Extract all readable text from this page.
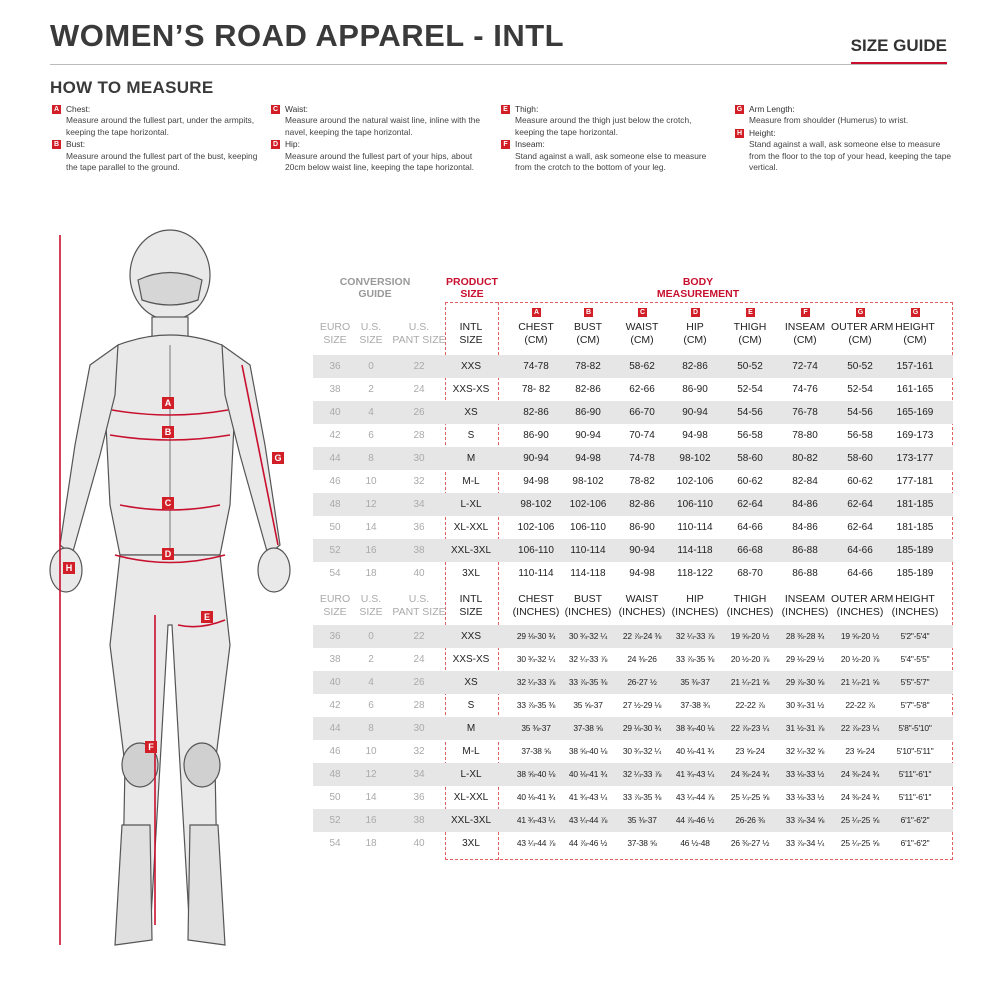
WOMEN’S ROAD APPAREL - INTL	SIZE GUIDE
HOW TO MEASURE
A Chest:
Measure around the fullest part, under the armpits, keeping the tape horizontal.
B Bust:
Measure around the fullest part of the bust, keeping the tape parallel to the ground.
C Waist:
Measure around the natural waist line, inline with the navel, keeping the tape horizontal.
D Hip:
Measure around the fullest part of your hips, about 20cm below waist line, keeping the tape horizontal.
E Thigh:
Measure around the thigh just below the crotch, keeping the tape horizontal.
F Inseam:
Stand against a wall, ask someone else to measure from the crotch to the bottom of your leg.
G Arm Length:
Measure from shoulder (Humerus) to wrist.
H Height:
Stand against a wall, ask someone else to measure from the floor to the top of your head, keeping the tape vertical.
A
B
C
D
E
F
G
H
CONVERSION GUIDE
PRODUCT SIZE
BODY MEASUREMENT
A	B	C	D	E	F	G	G
EURO
SIZE
U.S.
SIZE
U.S.
PANT SIZE
INTL
SIZE
CHEST
(CM)
BUST
(CM)
WAIST
(CM)
HIP
(CM)
THIGH
(CM)
INSEAM
(CM)
OUTER ARM
(CM)
HEIGHT
(CM)
EURO
SIZE
U.S.
SIZE
U.S.
PANT SIZE
INTL
SIZE
CHEST
(INCHES)
BUST
(INCHES)
WAIST
(INCHES)
HIP
(INCHES)
THIGH
(INCHES)
INSEAM
(INCHES)
OUTER ARM
(INCHES)
HEIGHT
(INCHES)
36	0	22	XXS	74-78	78-82	58-62	82-86	50-52	72-74	50-52	157-161
38	2	24	XXS-XS	78- 82	82-86	62-66	86-90	52-54	74-76	52-54	161-165
40	4	26	XS	82-86	86-90	66-70	90-94	54-56	76-78	54-56	165-169
42	6	28	S	86-90	90-94	70-74	94-98	56-58	78-80	56-58	169-173
44	8	30	M	90-94	94-98	74-78	98-102	58-60	80-82	58-60	173-177
46	10	32	M-L	94-98	98-102	78-82	102-106	60-62	82-84	60-62	177-181
48	12	34	L-XL	98-102	102-106	82-86	106-110	62-64	84-86	62-64	181-185
50	14	36	XL-XXL	102-106	106-110	86-90	110-114	64-66	84-86	62-64	181-185
52	16	38	XXL-3XL	106-110	110-114	90-94	114-118	66-68	86-88	64-66	185-189
54	18	40	3XL	110-114	114-118	94-98	118-122	68-70	86-88	64-66	185-189
36	0	22	XXS	29 ⅛-30 ¾	30 ¾-32 ¼	22 ⅞-24 ⅜	32 ¼-33 ⅞	19 ⅝-20 ½	28 ⅜-28 ¾	19 ⅝-20 ½	5'2"-5'4"
38	2	24	XXS-XS	30 ¾-32 ¼	32 ¼-33 ⅞	24 ⅜-26	33 ⅞-35 ⅜	20 ½-20 ⅞	29 ⅛-29 ½	20 ½-20 ⅞	5'4"-5'5"
40	4	26	XS	32 ¼-33 ⅞	33 ⅞-35 ⅜	26-27 ½	35 ⅜-37	21 ¼-21 ⅝	29 ⅞-30 ⅝	21 ¼-21 ⅝	5'5"-5'7"
42	6	28	S	33 ⅞-35 ⅜	35 ⅝-37	27 ½-29 ⅛	37-38 ¾	22-22 ⅞	30 ¾-31 ½	22-22 ⅞	5'7"-5'8"
44	8	30	M	35 ⅜-37	37-38 ⅝	29 ⅛-30 ¾	38 ¾-40 ⅛	22 ⅞-23 ¼	31 ½-31 ⅞	22 ⅞-23 ¼	5'8"-5'10"
46	10	32	M-L	37-38 ⅝	38 ⅝-40 ⅛	30 ¾-32 ¼	40 ⅛-41 ¾	23 ⅝-24	32 ¼-32 ⅝	23 ⅝-24	5'10"-5'11"
48	12	34	L-XL	38 ⅝-40 ⅛	40 ⅛-41 ¾	32 ¼-33 ⅞	41 ¾-43 ¼	24 ⅜-24 ¾	33 ⅛-33 ½	24 ⅜-24 ¾	5'11"-6'1"
50	14	36	XL-XXL	40 ⅛-41 ¾	41 ¾-43 ¼	33 ⅞-35 ⅜	43 ¼-44 ⅞	25 ¼-25 ⅝	33 ⅛-33 ½	24 ⅜-24 ¾	5'11"-6'1"
52	16	38	XXL-3XL	41 ¾-43 ¼	43 ¼-44 ⅞	35 ⅜-37	44 ⅞-46 ½	26-26 ⅜	33 ⅞-34 ⅝	25 ¼-25 ⅝	6'1"-6'2"
54	18	40	3XL	43 ¼-44 ⅞	44 ⅞-46 ½	37-38 ⅝	46 ½-48	26 ⅜-27 ½	33 ⅞-34 ¼	25 ¼-25 ⅝	6'1"-6'2"
